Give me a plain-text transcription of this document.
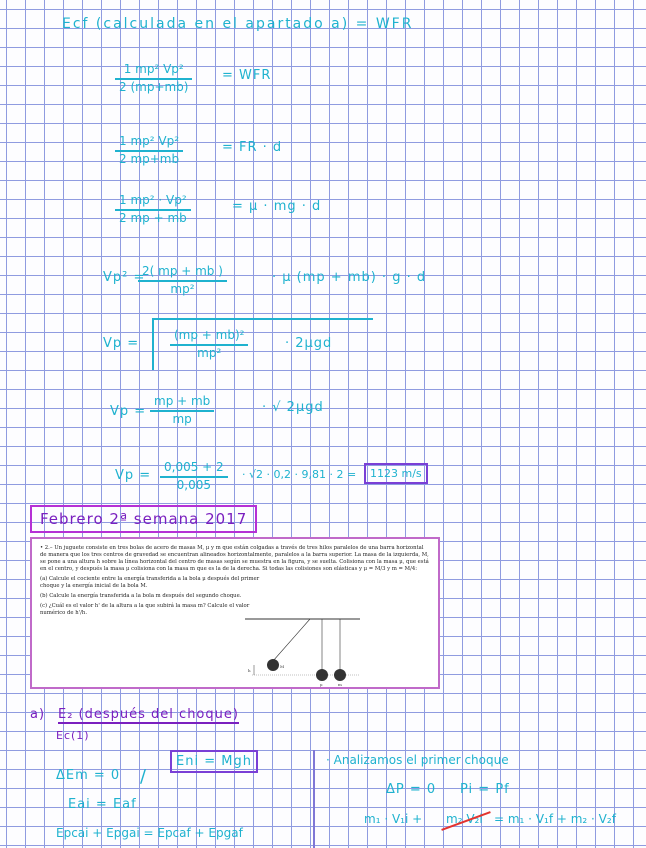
Ecf (calculada en el apartado a) = WFR
$\frac{\text{1 mp² Vp²}}{2 (mp+mb)}$ = WFR
$\frac{\text{1 mp² Vp²}}{2 mp+mb}$	= FR · d
$\frac{\text{1 mp² · Vp²}}{2 mp + mb}$	= μ · mg · d
Vp² =
$\frac{2( mp + mb )}{\text{mp²}}$	· μ (mp + mb) · g · d
Vp =	$\frac{\text{(mp + mb)²}}{\text{mp²}}$	· 2μgd
$Vp = \frac{mp + mb}{mp}$	· √ 2μgd
$Vp = \frac{0,005 + 2}{0,005} \cdot √2 \cdot 0,2 \cdot 9,81 \cdot 2$ =	1123 m/s
Febrero 2ª semana 2017

• 2.– Un juguete consiste en tres bolas de acero de masas M, μ y m que están colgadas a través de tres hilos paralelos de una barra horizontal de manera que los tres centros de gravedad se encuentran alineados horizontalmente, paralelos a la barra superior. La masa de la izquierda, M, se pone a una altura h sobre la línea horizontal del centro de masas según se muestra en la figura, y se suelta. Colisiona con la masa μ, que está en el centro, y después la masa μ colisiona con la masa m que es la de la derecha. Si todas las colisiones son elásticas y μ = M/3 y m = M/4:

(a) Calcule el cociente entre la energía transferida a la bola μ después del primer choque y la energía inicial de la bola M.

(b) Calcule la energía transferida a la bola m después del segundo choque.

(c) ¿Cuál es el valor h' de la altura a la que subirá la masa m? Calcule el valor numérico de h'/h.

h
M
μ	m
a) E₂ (después del choque)
Ec(1)
Eni = Mgh
ΔEm = 0 /
Eai = Eaf
Epcai + Epgai = Epcaf + Epgaf
· Analizamos el primer choque
ΔP = 0 Pi = Pf
m₁ · V₁i + m₂ V₂i = m₁ · V₁f + m₂ · V₂f
